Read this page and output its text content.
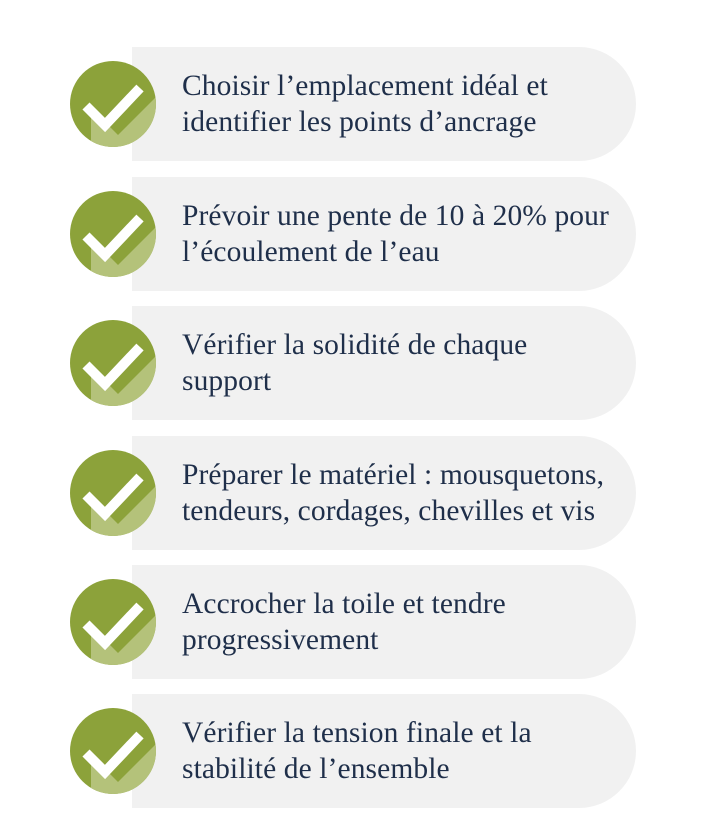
Choisir l’emplacement idéal et identifier les points d’ancrage
Prévoir une pente de 10 à 20% pour l’écoulement de l’eau
Vérifier la solidité de chaque support
Préparer le matériel : mousquetons, tendeurs, cordages, chevilles et vis
Accrocher la toile et tendre progressivement
Vérifier la tension finale et la stabilité de l’ensemble
